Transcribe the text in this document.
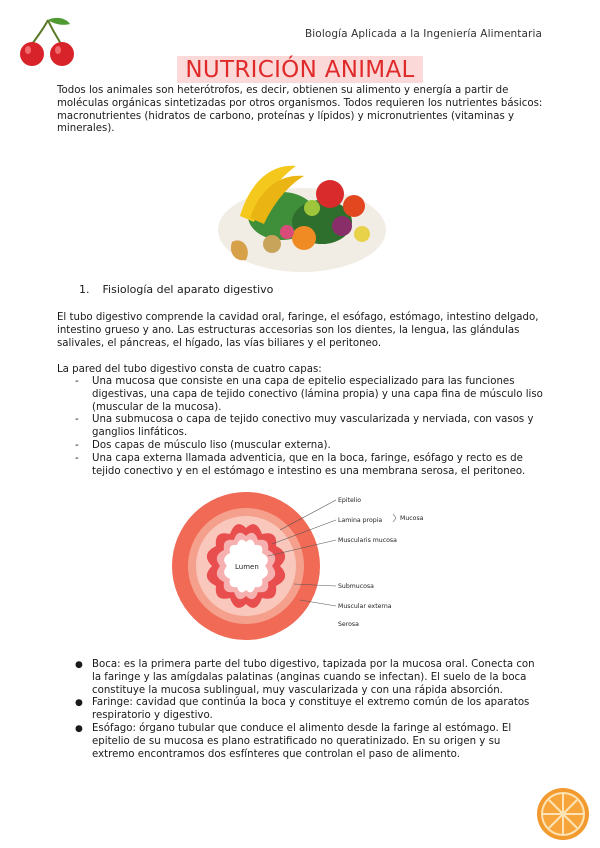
Biología Aplicada a la Ingeniería Alimentaria
NUTRICIÓN ANIMAL
Todos los animales son heterótrofos, es decir, obtienen su alimento y energía a partir de moléculas orgánicas sintetizadas por otros organismos. Todos requieren los nutrientes básicos: macronutrientes (hidratos de carbono, proteínas y lípidos) y micronutrientes (vitaminas y minerales).
1. Fisiología del aparato digestivo
El tubo digestivo comprende la cavidad oral, faringe, el esófago, estómago, intestino delgado, intestino grueso y ano. Las estructuras accesorias son los dientes, la lengua, las glándulas salivales, el páncreas, el hígado, las vías biliares y el peritoneo.
La pared del tubo digestivo consta de cuatro capas:
- Una mucosa que consiste en una capa de epitelio especializado para las funciones digestivas, una capa de tejido conectivo (lámina propia) y una capa fina de músculo liso (muscular de la mucosa).
- Una submucosa o capa de tejido conectivo muy vascularizada y nerviada, con vasos y ganglios linfáticos.
- Dos capas de músculo liso (muscular externa).
- Una capa externa llamada adventicia, que en la boca, faringe, esófago y recto es de tejido conectivo y en el estómago e intestino es una membrana serosa, el peritoneo.
Lumen
Epitelio
Lamina propia	Mucosa
Muscularis mucosa
Submucosa
Muscular externa
Serosa
● Boca: es la primera parte del tubo digestivo, tapizada por la mucosa oral. Conecta con la faringe y las amígdalas palatinas (anginas cuando se infectan). El suelo de la boca constituye la mucosa sublingual, muy vascularizada y con una rápida absorción.
● Faringe: cavidad que continúa la boca y constituye el extremo común de los aparatos respiratorio y digestivo.
● Esófago: órgano tubular que conduce el alimento desde la faringe al estómago. El epitelio de su mucosa es plano estratificado no queratinizado. En su origen y su extremo encontramos dos esfínteres que controlan el paso de alimento.
